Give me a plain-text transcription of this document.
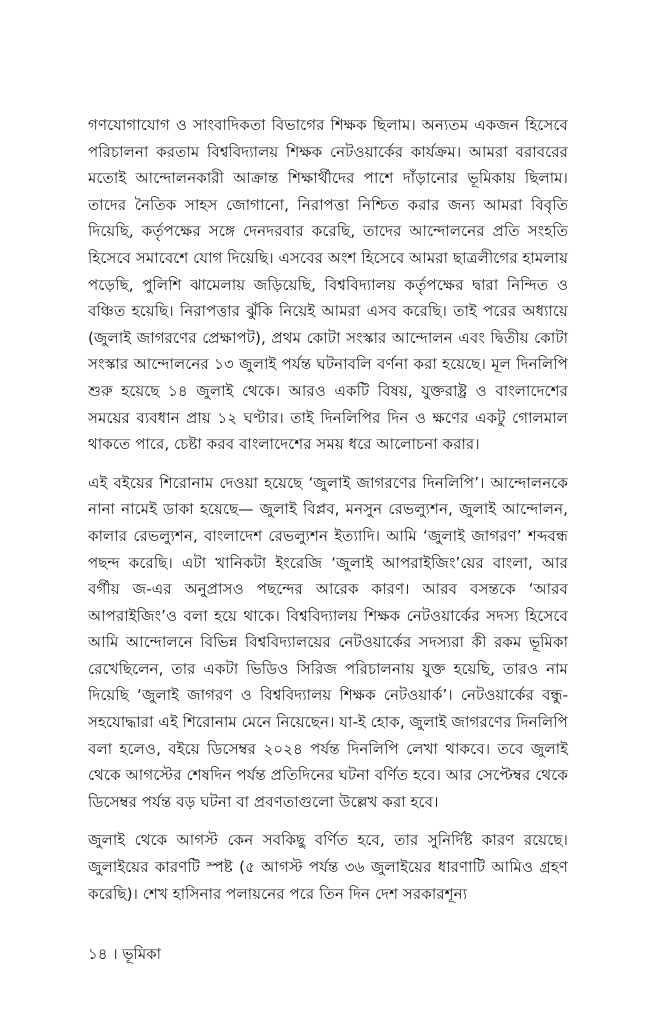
গণযোগাযোগ ও সাংবাদিকতা বিভাগের শিক্ষক ছিলাম। অন্যতম একজন হিসেবে পরিচালনা করতাম বিশ্ববিদ্যালয় শিক্ষক নেটওয়ার্কের কার্যক্রম। আমরা বরাবরের মতোই আন্দোলনকারী আক্রান্ত শিক্ষার্থীদের পাশে দাঁড়ানোর ভূমিকায় ছিলাম। তাদের নৈতিক সাহস জোগানো, নিরাপত্তা নিশ্চিত করার জন্য আমরা বিবৃতি দিয়েছি, কর্তৃপক্ষের সঙ্গে দেনদরবার করেছি, তাদের আন্দোলনের প্রতি সংহতি হিসেবে সমাবেশে যোগ দিয়েছি। এসবের অংশ হিসেবে আমরা ছাত্রলীগের হামলায় পড়েছি, পুলিশি ঝামেলায় জড়িয়েছি, বিশ্ববিদ্যালয় কর্তৃপক্ষের দ্বারা নিন্দিত ও বঞ্চিত হয়েছি। নিরাপত্তার ঝুঁকি নিয়েই আমরা এসব করেছি। তাই পরের অধ্যায়ে (জুলাই জাগরণের প্রেক্ষাপট), প্রথম কোটা সংস্কার আন্দোলন এবং দ্বিতীয় কোটা সংস্কার আন্দোলনের ১৩ জুলাই পর্যন্ত ঘটনাবলি বর্ণনা করা হয়েছে। মূল দিনলিপি শুরু হয়েছে ১৪ জুলাই থেকে। আরও একটি বিষয়, যুক্তরাষ্ট্র ও বাংলাদেশের সময়ের ব্যবধান প্রায় ১২ ঘণ্টার। তাই দিনলিপির দিন ও ক্ষণের একটু গোলমাল থাকতে পারে, চেষ্টা করব বাংলাদেশের সময় ধরে আলোচনা করার।

এই বইয়ের শিরোনাম দেওয়া হয়েছে ‘জুলাই জাগরণের দিনলিপি’। আন্দোলনকে নানা নামেই ডাকা হয়েছে— জুলাই বিপ্লব, মনসুন রেভল্যুশন, জুলাই আন্দোলন, কালার রেভল্যুশন, বাংলাদেশ রেভল্যুশন ইত্যাদি। আমি ‘জুলাই জাগরণ’ শব্দবন্ধ পছন্দ করেছি। এটা খানিকটা ইংরেজি ‘জুলাই আপরাইজিং’য়ের বাংলা, আর বর্গীয় জ-এর অনুপ্রাসও পছন্দের আরেক কারণ। আরব বসন্তকে ‘আরব আপরাইজিং’ও বলা হয়ে থাকে। বিশ্ববিদ্যালয় শিক্ষক নেটওয়ার্কের সদস্য হিসেবে আমি আন্দোলনে বিভিন্ন বিশ্ববিদ্যালয়ের নেটওয়ার্কের সদস্যরা কী রকম ভূমিকা রেখেছিলেন, তার একটা ভিডিও সিরিজ পরিচালনায় যুক্ত হয়েছি, তারও নাম দিয়েছি ‘জুলাই জাগরণ ও বিশ্ববিদ্যালয় শিক্ষক নেটওয়ার্ক’। নেটওয়ার্কের বন্ধু-সহযোদ্ধারা এই শিরোনাম মেনে নিয়েছেন। যা-ই হোক, জুলাই জাগরণের দিনলিপি বলা হলেও, বইয়ে ডিসেম্বর ২০২৪ পর্যন্ত দিনলিপি লেখা থাকবে। তবে জুলাই থেকে আগস্টের শেষদিন পর্যন্ত প্রতিদিনের ঘটনা বর্ণিত হবে। আর সেপ্টেম্বর থেকে ডিসেম্বর পর্যন্ত বড় ঘটনা বা প্রবণতাগুলো উল্লেখ করা হবে।

জুলাই থেকে আগস্ট কেন সবকিছু বর্ণিত হবে, তার সুনির্দিষ্ট কারণ রয়েছে। জুলাইয়ের কারণটি স্পষ্ট (৫ আগস্ট পর্যন্ত ৩৬ জুলাইয়ের ধারণাটি আমিও গ্রহণ করেছি)। শেখ হাসিনার পলায়নের পরে তিন দিন দেশ সরকারশূন্য

১৪ । ভূমিকা
